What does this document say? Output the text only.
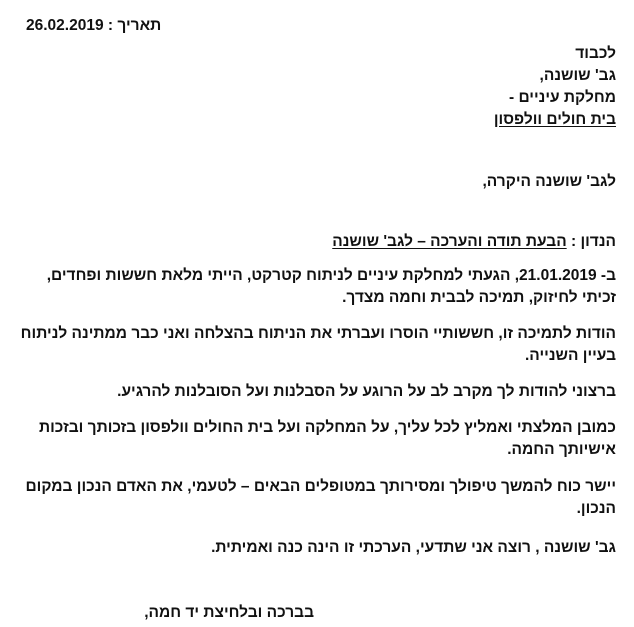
תאריך : 26.02.2019
לכבוד
גב' שושנה,
מחלקת עיניים -
בית חולים וולפסון
לגב' שושנה היקרה,
הנדון : הבעת תודה והערכה – לגב' שושנה
ב- 21.01.2019, הגעתי למחלקת עיניים לניתוח קטרקט, הייתי מלאת חששות ופחדים,
זכיתי לחיזוק, תמיכה לבבית וחמה מצדך.
הודות לתמיכה זו, חששותיי הוסרו ועברתי את הניתוח בהצלחה ואני כבר ממתינה לניתוח
בעיין השנייה.
ברצוני להודות לך מקרב לב על הרוגע על הסבלנות ועל הסובלנות להרגיע.
כמובן המלצתי ואמליץ לכל עליך, על המחלקה ועל בית החולים וולפסון בזכותך ובזכות
אישיותך החמה.
יישר כוח להמשך טיפולך ומסירותך במטופלים הבאים – לטעמי, את האדם הנכון במקום
הנכון.
גב' שושנה , רוצה אני שתדעי, הערכתי זו הינה כנה ואמיתית.
בברכה ובלחיצת יד חמה,
